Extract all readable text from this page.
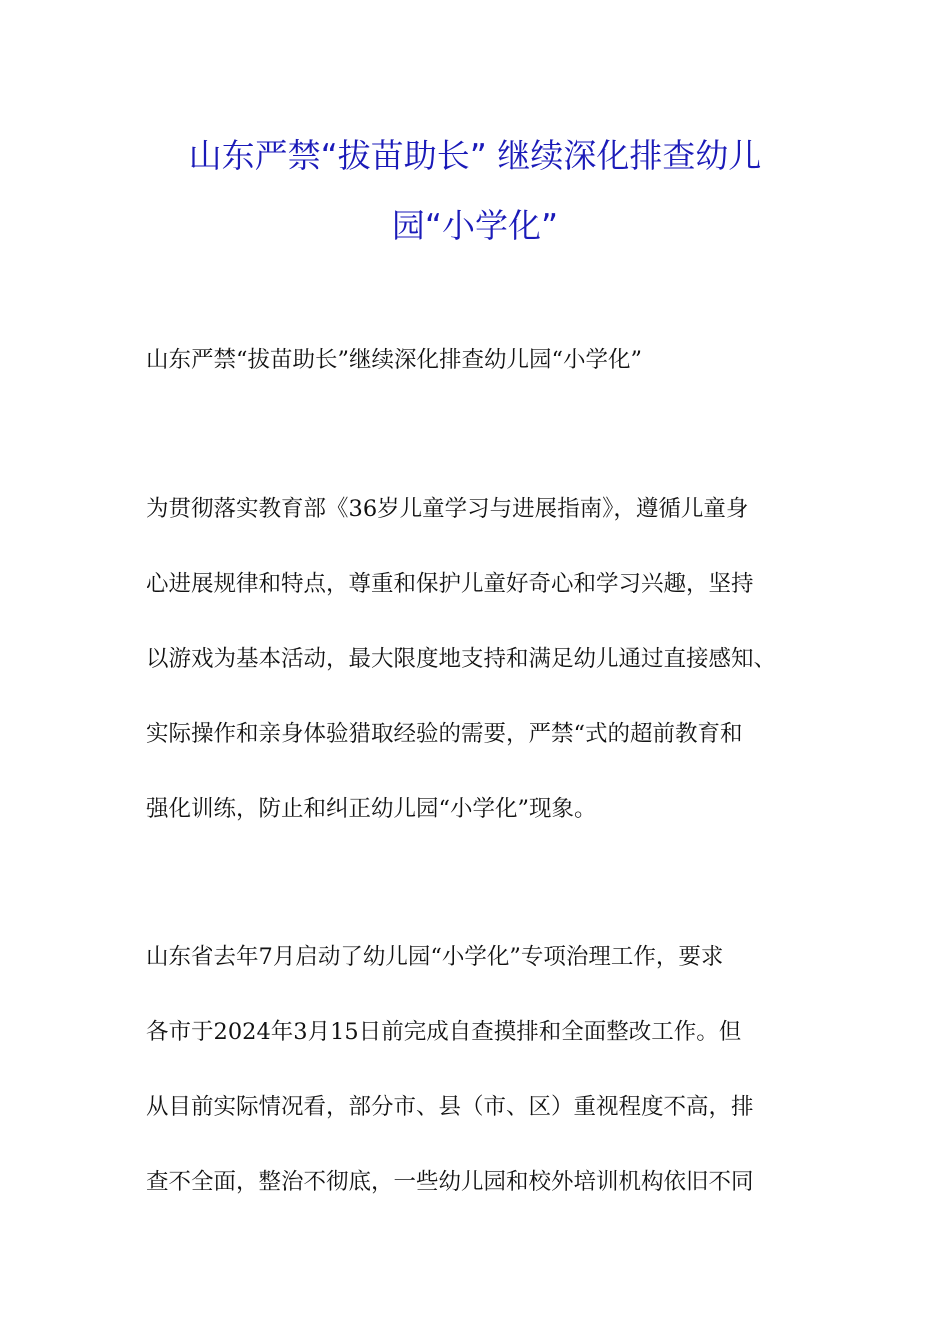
山东严禁“拔苗助长” 继续深化排查幼儿
园“小学化”

山东严禁“拔苗助长”继续深化排查幼儿园“小学化”

为贯彻落实教育部《36岁儿童学习与进展指南》，遵循儿童身

心进展规律和特点，尊重和保护儿童好奇心和学习兴趣，坚持

以游戏为基本活动，最大限度地支持和满足幼儿通过直接感知、

实际操作和亲身体验猎取经验的需要，严禁“式的超前教育和

强化训练，防止和纠正幼儿园“小学化”现象。

山东省去年7月启动了幼儿园“小学化”专项治理工作，要求

各市于2024年3月15日前完成自查摸排和全面整改工作。但

从目前实际情况看，部分市、县（市、区）重视程度不高，排

查不全面，整治不彻底，一些幼儿园和校外培训机构依旧不同
